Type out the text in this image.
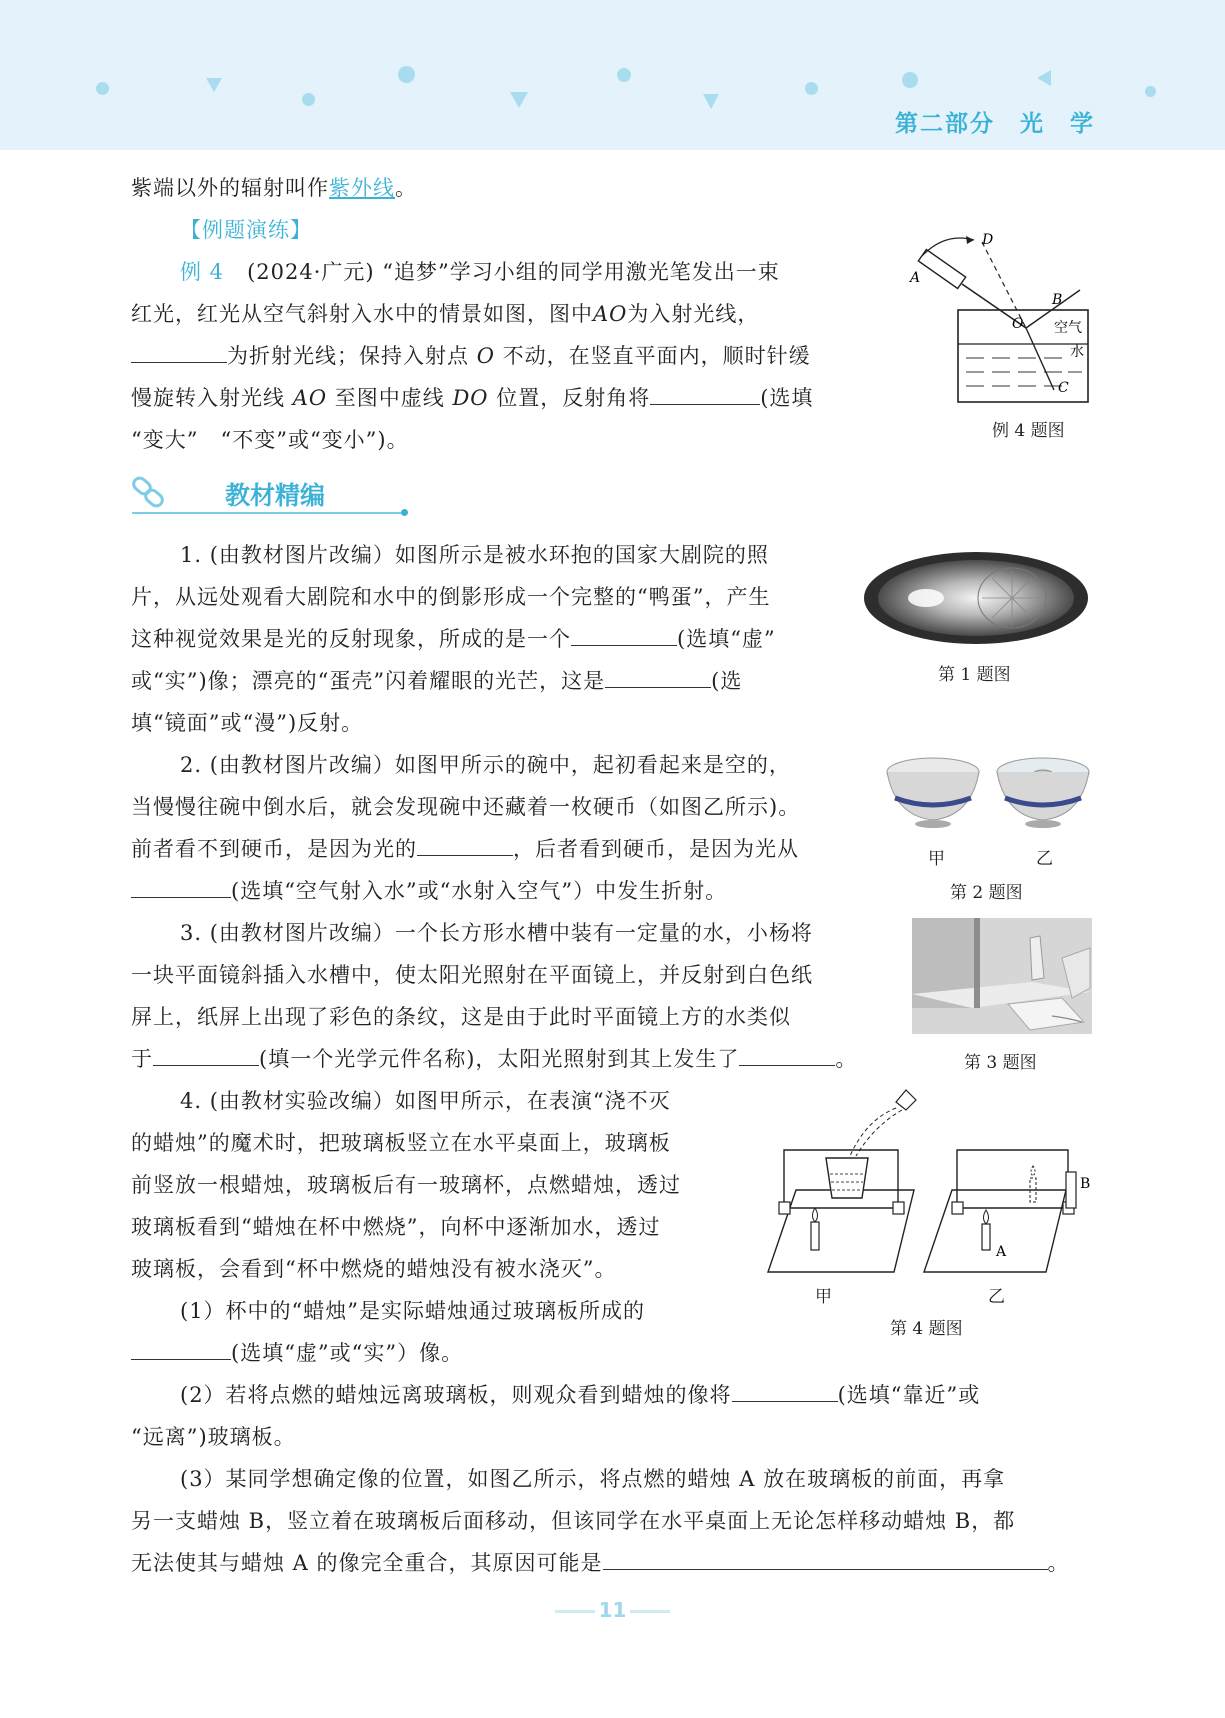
第二部分　光　学
紫端以外的辐射叫作紫外线。
【例题演练】
例 4 (2024·广元) “追梦”学习小组的同学用激光笔发出一束
红光，红光从空气斜射入水中的情景如图，图中AO为入射光线，
为折射光线；保持入射点 O 不动，在竖直平面内，顺时针缓
慢旋转入射光线 AO 至图中虚线 DO 位置，反射角将	(选填
“变大”　“不变”或“变小”)。
D
A
B
O
C
空气
水
例 4 题图
教材精编
1. (由教材图片改编）如图所示是被水环抱的国家大剧院的照
片，从远处观看大剧院和水中的倒影形成一个完整的“鸭蛋”，产生
这种视觉效果是光的反射现象，所成的是一个	(选填“虚”
或“实”)像；漂亮的“蛋壳”闪着耀眼的光芒，这是	(选
填“镜面”或“漫”)反射。
第 1 题图
2. (由教材图片改编）如图甲所示的碗中，起初看起来是空的，
当慢慢往碗中倒水后，就会发现碗中还藏着一枚硬币（如图乙所示)。
前者看不到硬币，是因为光的	，后者看到硬币，是因为光从
(选填“空气射入水”或“水射入空气”）中发生折射。
甲	乙
第 2 题图
3. (由教材图片改编）一个长方形水槽中装有一定量的水，小杨将
一块平面镜斜插入水槽中，使太阳光照射在平面镜上，并反射到白色纸
屏上，纸屏上出现了彩色的条纹，这是由于此时平面镜上方的水类似
于	(填一个光学元件名称)，太阳光照射到其上发生了	。	第 3 题图
4. (由教材实验改编）如图甲所示，在表演“浇不灭
的蜡烛”的魔术时，把玻璃板竖立在水平桌面上，玻璃板
前竖放一根蜡烛，玻璃板后有一玻璃杯，点燃蜡烛，透过
玻璃板看到“蜡烛在杯中燃烧”，向杯中逐渐加水，透过
玻璃板，会看到“杯中燃烧的蜡烛没有被水浇灭”。
(1）杯中的“蜡烛”是实际蜡烛通过玻璃板所成的
(选填“虚”或“实”）像。
(2）若将点燃的蜡烛远离玻璃板，则观众看到蜡烛的像将	(选填“靠近”或
“远离”)玻璃板。
(3）某同学想确定像的位置，如图乙所示，将点燃的蜡烛 A 放在玻璃板的前面，再拿
另一支蜡烛 B，竖立着在玻璃板后面移动，但该同学在水平桌面上无论怎样移动蜡烛 B，都
无法使其与蜡烛 A 的像完全重合，其原因可能是	。
A
B
甲	乙
第 4 题图
11
